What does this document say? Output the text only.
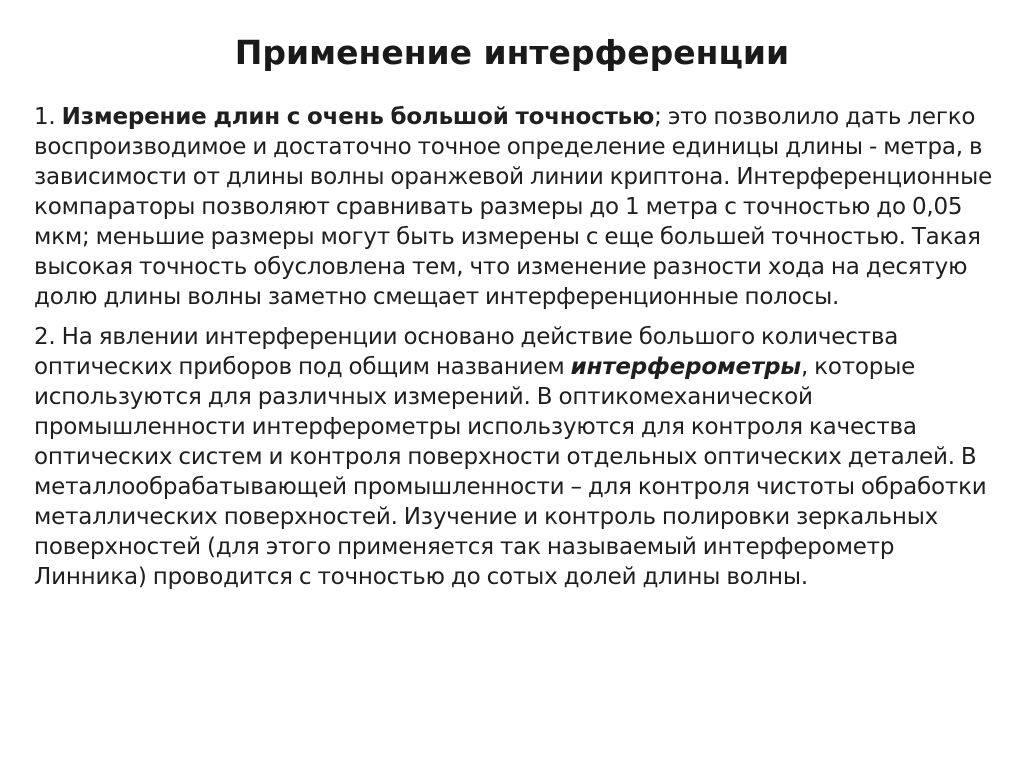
Применение интерференции

1. Измерение длин с очень большой точностью; это позволило дать легко воспроизводимое и достаточно точное определение единицы длины - метра, в зависимости от длины волны оранжевой линии криптона. Интерференционные компараторы позволяют сравнивать размеры до 1 метра с точностью до 0,05 мкм; меньшие размеры могут быть измерены с еще большей точностью. Такая высокая точность обусловлена тем, что изменение разности хода на десятую долю длины волны заметно смещает интерференционные полосы.

2. На явлении интерференции основано действие большого количества оптических приборов под общим названием интерферометры, которые используются для различных измерений. В оптикомеханической промышленности интерферометры используются для контроля качества оптических систем и контроля поверхности отдельных оптических деталей. В металлообрабатывающей промышленности – для контроля чистоты обработки металлических поверхностей. Изучение и контроль полировки зеркальных поверхностей (для этого применяется так называемый интерферометр Линника) проводится с точностью до сотых долей длины волны.
